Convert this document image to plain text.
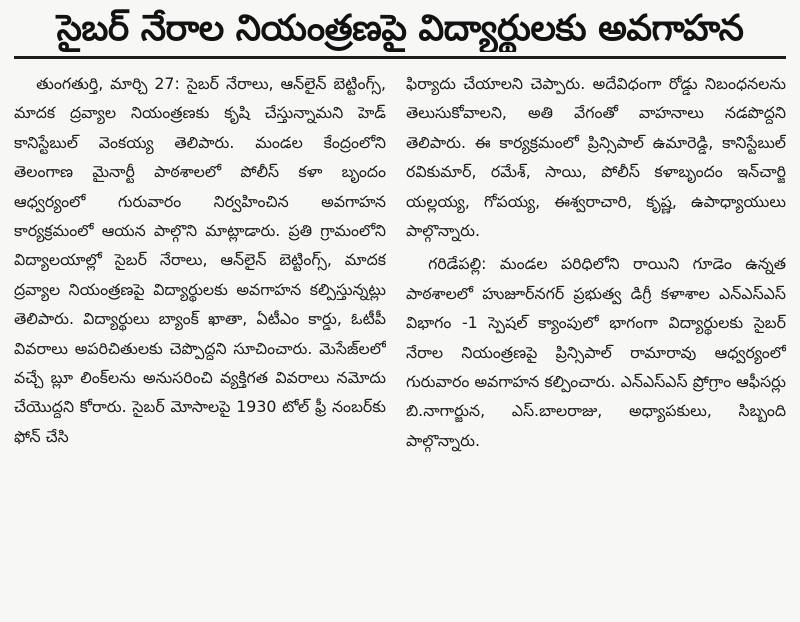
సైబర్ నేరాల నియంత్రణపై విద్యార్థులకు అవగాహన

తుంగతుర్తి, మార్చి 27: సైబర్ నేరాలు, ఆన్‌లైన్ బెట్టింగ్స్, మాదక ద్రవ్యాల నియంత్రణకు కృషి చేస్తున్నామని హెడ్ కానిస్టేబుల్ వెంకయ్య తెలిపారు. మండల కేంద్రంలోని తెలంగాణ మైనార్టీ పాఠశాలలో పోలీస్ కళా బృందం ఆధ్వర్యంలో గురువారం నిర్వహించిన అవగాహన కార్యక్రమంలో ఆయన పాల్గొని మాట్లాడారు. ప్రతి గ్రామంలోని విద్యాలయాల్లో సైబర్ నేరాలు, ఆన్‌లైన్ బెట్టింగ్స్, మాదక ద్రవ్యాల నియంత్రణపై విద్యార్థులకు అవగాహన కల్పిస్తున్నట్లు తెలిపారు. విద్యార్థులు బ్యాంక్ ఖాతా, ఏటీఎం కార్డు, ఓటీపీ వివరాలు అపరిచితులకు చెప్పొద్దని సూచించారు. మెసేజ్‌లలో వచ్చే బ్లూ లింక్‌లను అనుసరించి వ్యక్తిగత వివరాలు నమోదు చేయొద్దని కోరారు. సైబర్ మోసాలపై 1930 టోల్ ఫ్రీ నంబర్‌కు ఫోన్ చేసి

ఫిర్యాదు చేయాలని చెప్పారు. అదేవిధంగా రోడ్డు నిబంధనలను తెలుసుకోవాలని, అతి వేగంతో వాహనాలు నడపొద్దని తెలిపారు. ఈ కార్యక్రమంలో ప్రిన్సిపాల్ ఉమారెడ్డి, కానిస్టేబుల్ రవికుమార్, రమేశ్, సాయి, పోలీస్ కళాబృందం ఇన్‌చార్జి యల్లయ్య, గోపయ్య, ఈశ్వరాచారి, కృష్ణ, ఉపాధ్యాయులు పాల్గొన్నారు.

గరిడేపల్లి: మండల పరిధిలోని రాయిని గూడెం ఉన్నత పాఠశాలలో హుజూర్‌నగర్ ప్రభుత్వ డిగ్రీ కళాశాల ఎన్ఎస్ఎస్ విభాగం -1 స్పెషల్ క్యాంపులో భాగంగా విద్యార్థులకు సైబర్ నేరాల నియంత్రణపై ప్రిన్సిపాల్ రామారావు ఆధ్వర్యంలో గురువారం అవగాహన కల్పించారు. ఎన్ఎస్ఎస్ ప్రోగ్రాం ఆఫీసర్లు బి.నాగార్జున, ఎస్.బాలరాజు, అధ్యాపకులు, సిబ్బంది పాల్గొన్నారు.
